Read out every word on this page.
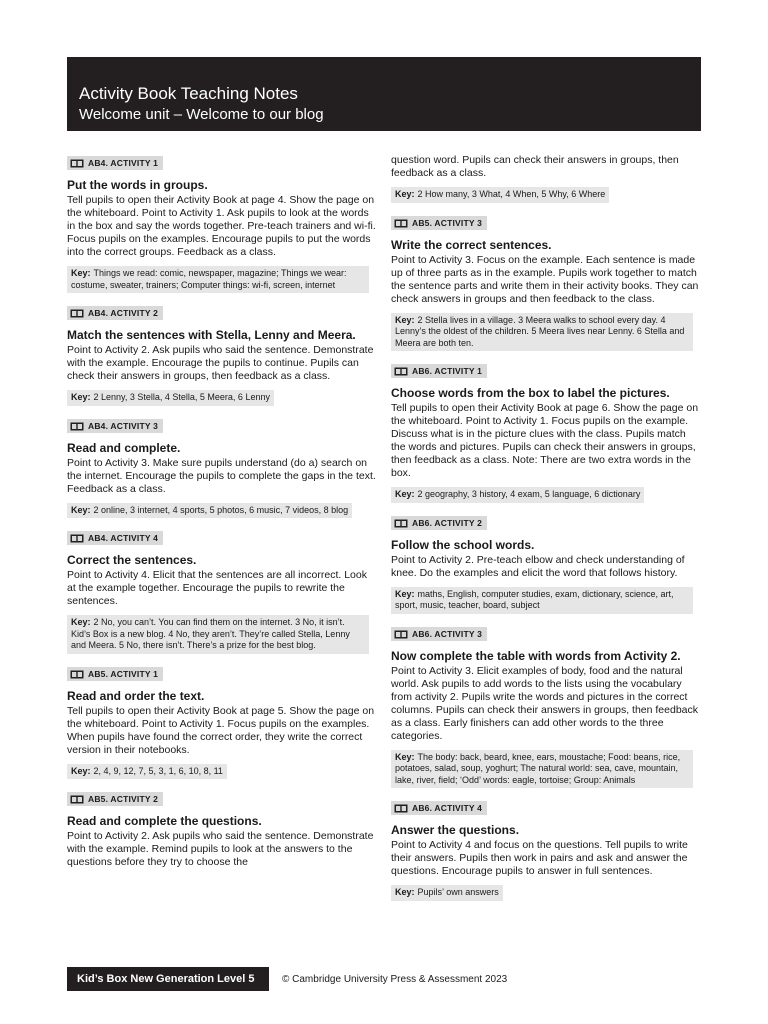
Activity Book Teaching Notes
Welcome unit – Welcome to our blog
AB4. ACTIVITY 1
Put the words in groups.

Tell pupils to open their Activity Book at page 4. Show the page on the whiteboard. Point to Activity 1. Ask pupils to look at the words in the box and say the words together. Pre-teach trainers and wi-fi. Focus pupils on the examples. Encourage pupils to put the words into the correct groups. Feedback as a class.

Key: Things we read: comic, newspaper, magazine; Things we wear: costume, sweater, trainers; Computer things: wi-fi, screen, internet
AB4. ACTIVITY 2
Match the sentences with Stella, Lenny and Meera.

Point to Activity 2. Ask pupils who said the sentence. Demonstrate with the example. Encourage the pupils to continue. Pupils can check their answers in groups, then feedback as a class.

Key: 2 Lenny, 3 Stella, 4 Stella, 5 Meera, 6 Lenny
AB4. ACTIVITY 3
Read and complete.

Point to Activity 3. Make sure pupils understand (do a) search on the internet. Encourage the pupils to complete the gaps in the text. Feedback as a class.

Key: 2 online, 3 internet, 4 sports, 5 photos, 6 music, 7 videos, 8 blog
AB4. ACTIVITY 4
Correct the sentences.

Point to Activity 4. Elicit that the sentences are all incorrect. Look at the example together. Encourage the pupils to rewrite the sentences.

Key: 2 No, you can’t. You can find them on the internet. 3 No, it isn’t. Kid’s Box is a new blog. 4 No, they aren’t. They’re called Stella, Lenny and Meera. 5 No, there isn’t. There’s a prize for the best blog.
AB5. ACTIVITY 1
Read and order the text.

Tell pupils to open their Activity Book at page 5. Show the page on the whiteboard. Point to Activity 1. Focus pupils on the examples. When pupils have found the correct order, they write the correct version in their notebooks.

Key: 2, 4, 9, 12, 7, 5, 3, 1, 6, 10, 8, 11
AB5. ACTIVITY 2
Read and complete the questions.

Point to Activity 2. Ask pupils who said the sentence. Demonstrate with the example. Remind pupils to look at the answers to the questions before they try to choose the

question word. Pupils can check their answers in groups, then feedback as a class.

Key: 2 How many, 3 What, 4 When, 5 Why, 6 Where
AB5. ACTIVITY 3
Write the correct sentences.

Point to Activity 3. Focus on the example. Each sentence is made up of three parts as in the example. Pupils work together to match the sentence parts and write them in their activity books. They can check answers in groups and then feedback to the class.

Key: 2 Stella lives in a village. 3 Meera walks to school every day. 4 Lenny’s the oldest of the children. 5 Meera lives near Lenny. 6 Stella and Meera are both ten.
AB6. ACTIVITY 1
Choose words from the box to label the pictures.

Tell pupils to open their Activity Book at page 6. Show the page on the whiteboard. Point to Activity 1. Focus pupils on the example. Discuss what is in the picture clues with the class. Pupils match the words and pictures. Pupils can check their answers in groups, then feedback as a class. Note: There are two extra words in the box.

Key: 2 geography, 3 history, 4 exam, 5 language, 6 dictionary
AB6. ACTIVITY 2
Follow the school words.

Point to Activity 2. Pre-teach elbow and check understanding of knee. Do the examples and elicit the word that follows history.

Key: maths, English, computer studies, exam, dictionary, science, art, sport, music, teacher, board, subject
AB6. ACTIVITY 3
Now complete the table with words from Activity 2.

Point to Activity 3. Elicit examples of body, food and the natural world. Ask pupils to add words to the lists using the vocabulary from activity 2. Pupils write the words and pictures in the correct columns. Pupils can check their answers in groups, then feedback as a class. Early finishers can add other words to the three categories.

Key: The body: back, beard, knee, ears, moustache; Food: beans, rice, potatoes, salad, soup, yoghurt; The natural world: sea, cave, mountain, lake, river, field; ‘Odd’ words: eagle, tortoise; Group: Animals
AB6. ACTIVITY 4
Answer the questions.

Point to Activity 4 and focus on the questions. Tell pupils to write their answers. Pupils then work in pairs and ask and answer the questions. Encourage pupils to answer in full sentences.

Key: Pupils’ own answers
Kid’s Box New Generation Level 5	© Cambridge University Press & Assessment 2023
